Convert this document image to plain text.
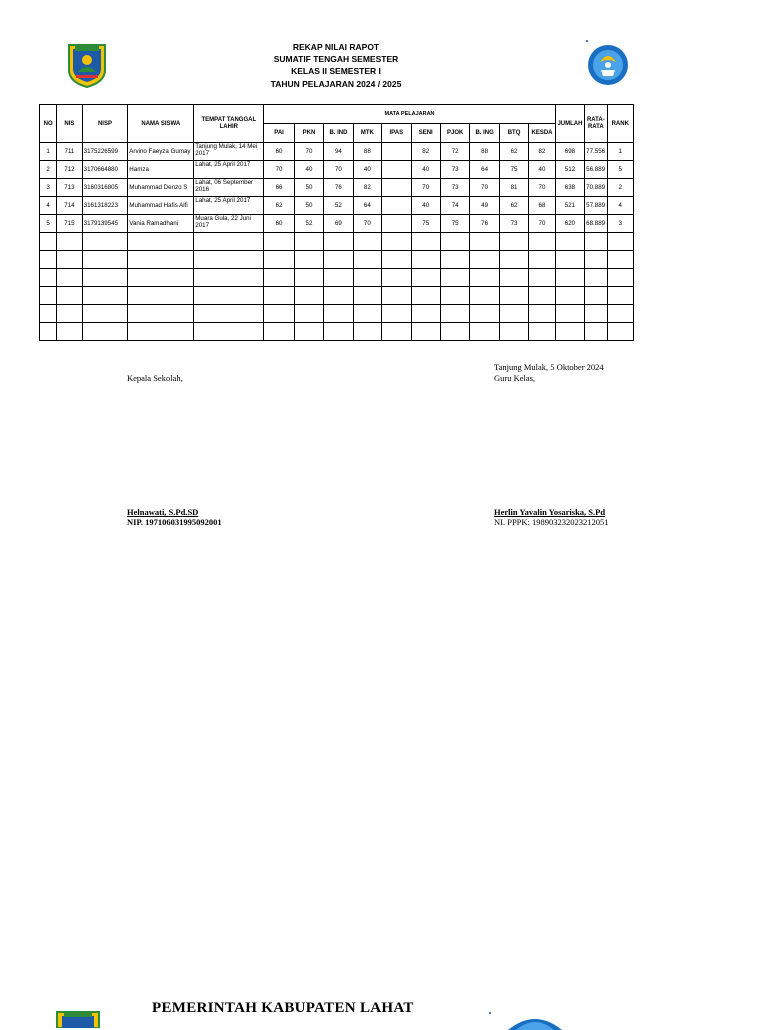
REKAP NILAI RAPOT
SUMATIF TENGAH SEMESTER
KELAS II SEMESTER I
TAHUN PELAJARAN 2024 / 2025
NO	NIS	NISP	NAMA SISWA	TEMPAT TANGGAL LAHIR	MATA PELAJARAN										JUMLAH	RATA-RATA	RANK
					PAI	PKN	B. IND	MTK	IPAS	SENI	PJOK	B. ING	BTQ	KESDA			
1	711	3175226599	Arvino Faeyza Gumay	Tanjung Mulak, 14 Mei 2017	60	70	94	88		82	72	88	62	82	698	77.556	1
2	712	3170664880	Hamza	Lahat, 25 April 2017	70	40	70	40		40	73	64	75	40	512	56.889	5
3	713	3160316805	Muhammad Denzo S	Lahat, 06 September 2016	66	50	76	82		70	73	70	81	70	638	70.889	2
4	714	3161318223	Muhammad Hafis Alfi	Lahat, 25 April 2017	62	50	52	64		40	74	49	62	68	521	57.889	4
5	715	3179139545	Vania Ramadhani	Muara Gula, 22 Juni 2017	60	52	69	70		75	75	76	73	70	620	68.889	3

Kepala Sekolah,
Tanjung Mulak, 5 Oktober 2024
Guru Kelas,
Helnawati, S.Pd.SD
NIP. 197106031995092001
Herlin Yavalin Yosariska, S.Pd
NI. PPPK: 198903232023212051
PEMERINTAH KABUPATEN LAHAT
